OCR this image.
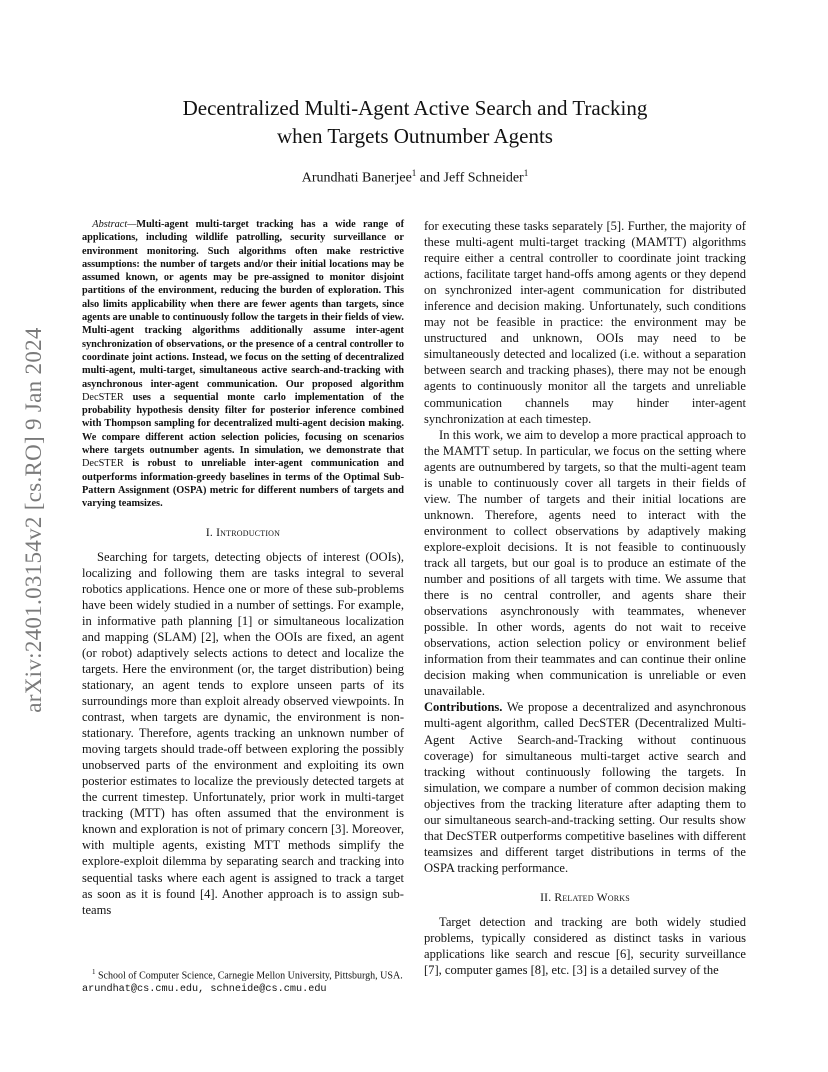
arXiv:2401.03154v2 [cs.RO] 9 Jan 2024
Decentralized Multi-Agent Active Search and Tracking
when Targets Outnumber Agents
Arundhati Banerjee$^1$ and Jeff Schneider$^1$

Abstract—Multi-agent multi-target tracking has a wide range of applications, including wildlife patrolling, security surveillance or environment monitoring. Such algorithms often make restrictive assumptions: the number of targets and/or their initial locations may be assumed known, or agents may be pre-assigned to monitor disjoint partitions of the environment, reducing the burden of exploration. This also limits applicability when there are fewer agents than targets, since agents are unable to continuously follow the targets in their fields of view. Multi-agent tracking algorithms additionally assume inter-agent synchronization of observations, or the presence of a central controller to coordinate joint actions. Instead, we focus on the setting of decentralized multi-agent, multi-target, simultaneous active search-and-tracking with asynchronous inter-agent communication. Our proposed algorithm DecSTER uses a sequential monte carlo implementation of the probability hypothesis density filter for posterior inference combined with Thompson sampling for decentralized multi-agent decision making. We compare different action selection policies, focusing on scenarios where targets outnumber agents. In simulation, we demonstrate that DecSTER is robust to unreliable inter-agent communication and outperforms information-greedy baselines in terms of the Optimal Sub-Pattern Assignment (OSPA) metric for different numbers of targets and varying teamsizes.

I. Introduction

Searching for targets, detecting objects of interest (OOIs), localizing and following them are tasks integral to several robotics applications. Hence one or more of these sub-problems have been widely studied in a number of settings. For example, in informative path planning [1] or simultaneous localization and mapping (SLAM) [2], when the OOIs are fixed, an agent (or robot) adaptively selects actions to detect and localize the targets. Here the environment (or, the target distribution) being stationary, an agent tends to explore unseen parts of its surroundings more than exploit already observed viewpoints. In contrast, when targets are dynamic, the environment is non-stationary. Therefore, agents tracking an unknown number of moving targets should trade-off between exploring the possibly unobserved parts of the environment and exploiting its own posterior estimates to localize the previously detected targets at the current timestep. Unfortunately, prior work in multi-target tracking (MTT) has often assumed that the environment is known and exploration is not of primary concern [3]. Moreover, with multiple agents, existing MTT methods simplify the explore-exploit dilemma by separating search and tracking into sequential tasks where each agent is assigned to track a target as soon as it is found [4]. Another approach is to assign sub-teams

$^1$ School of Computer Science, Carnegie Mellon University, Pittsburgh, USA. arundhat@cs.cmu.edu, schneide@cs.cmu.edu

for executing these tasks separately [5]. Further, the majority of these multi-agent multi-target tracking (MAMTT) algorithms require either a central controller to coordinate joint tracking actions, facilitate target hand-offs among agents or they depend on synchronized inter-agent communication for distributed inference and decision making. Unfortunately, such conditions may not be feasible in practice: the environment may be unstructured and unknown, OOIs may need to be simultaneously detected and localized (i.e. without a separation between search and tracking phases), there may not be enough agents to continuously monitor all the targets and unreliable communication channels may hinder inter-agent synchronization at each timestep.

In this work, we aim to develop a more practical approach to the MAMTT setup. In particular, we focus on the setting where agents are outnumbered by targets, so that the multi-agent team is unable to continuously cover all targets in their fields of view. The number of targets and their initial locations are unknown. Therefore, agents need to interact with the environment to collect observations by adaptively making explore-exploit decisions. It is not feasible to continuously track all targets, but our goal is to produce an estimate of the number and positions of all targets with time. We assume that there is no central controller, and agents share their observations asynchronously with teammates, whenever possible. In other words, agents do not wait to receive observations, action selection policy or environment belief information from their teammates and can continue their online decision making when communication is unreliable or even unavailable.

Contributions. We propose a decentralized and asynchronous multi-agent algorithm, called DecSTER (Decentralized Multi-Agent Active Search-and-Tracking without continuous coverage) for simultaneous multi-target active search and tracking without continuously following the targets. In simulation, we compare a number of common decision making objectives from the tracking literature after adapting them to our simultaneous search-and-tracking setting. Our results show that DecSTER outperforms competitive baselines with different teamsizes and different target distributions in terms of the OSPA tracking performance.

II. Related Works

Target detection and tracking are both widely studied problems, typically considered as distinct tasks in various applications like search and rescue [6], security surveillance [7], computer games [8], etc. [3] is a detailed survey of the
